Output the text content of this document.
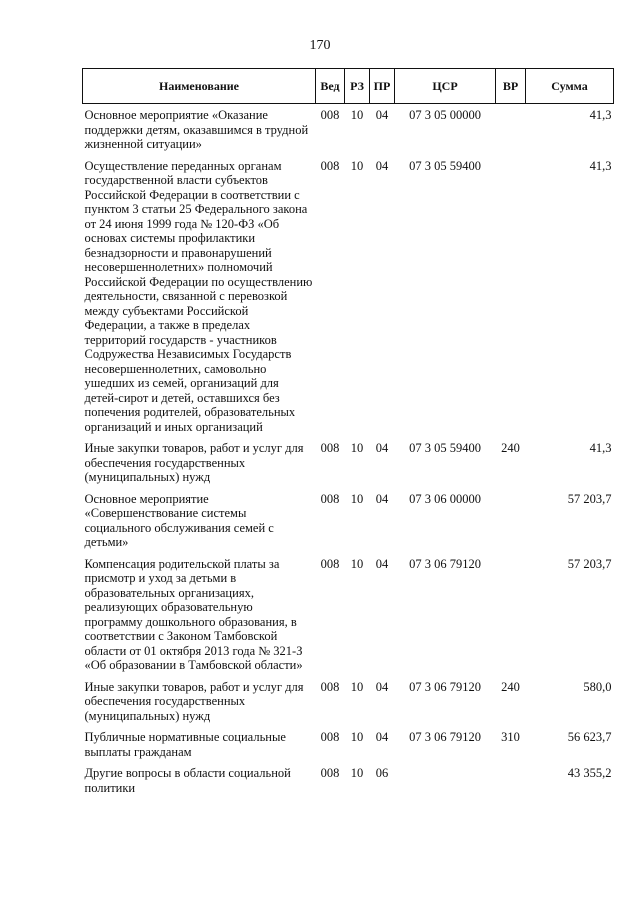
170
Наименование	Вед	РЗ	ПР	ЦСР	ВР	Сумма
Основное мероприятие «Оказание поддержки детям, оказавшимся в трудной жизненной ситуации»	008	10	04	07 3 05 00000		41,3
Осуществление переданных органам государственной власти субъектов Российской Федерации в соответствии с пунктом 3 статьи 25 Федерального закона от 24 июня 1999 года № 120-ФЗ «Об основах системы профилактики безнадзорности и правонарушений несовершеннолетних» полномочий Российской Федерации по осуществлению деятельности, связанной с перевозкой между субъектами Российской Федерации, а также в пределах территорий государств - участников Содружества Независимых Государств несовершеннолетних, самовольно ушедших из семей, организаций для детей-сирот и детей, оставшихся без попечения родителей, образовательных организаций и иных организаций	008	10	04	07 3 05 59400		41,3
Иные закупки товаров, работ и услуг для обеспечения государственных (муниципальных) нужд	008	10	04	07 3 05 59400	240	41,3
Основное мероприятие «Совершенствование системы социального обслуживания семей с детьми»	008	10	04	07 3 06 00000		57 203,7
Компенсация родительской платы за присмотр и уход за детьми в образовательных организациях, реализующих образовательную программу дошкольного образования, в соответствии с Законом Тамбовской области от 01 октября 2013 года № 321-З «Об образовании в Тамбовской области»	008	10	04	07 3 06 79120		57 203,7
Иные закупки товаров, работ и услуг для обеспечения государственных (муниципальных) нужд	008	10	04	07 3 06 79120	240	580,0
Публичные нормативные социальные выплаты гражданам	008	10	04	07 3 06 79120	310	56 623,7
Другие вопросы в области социальной политики	008	10	06			43 355,2
